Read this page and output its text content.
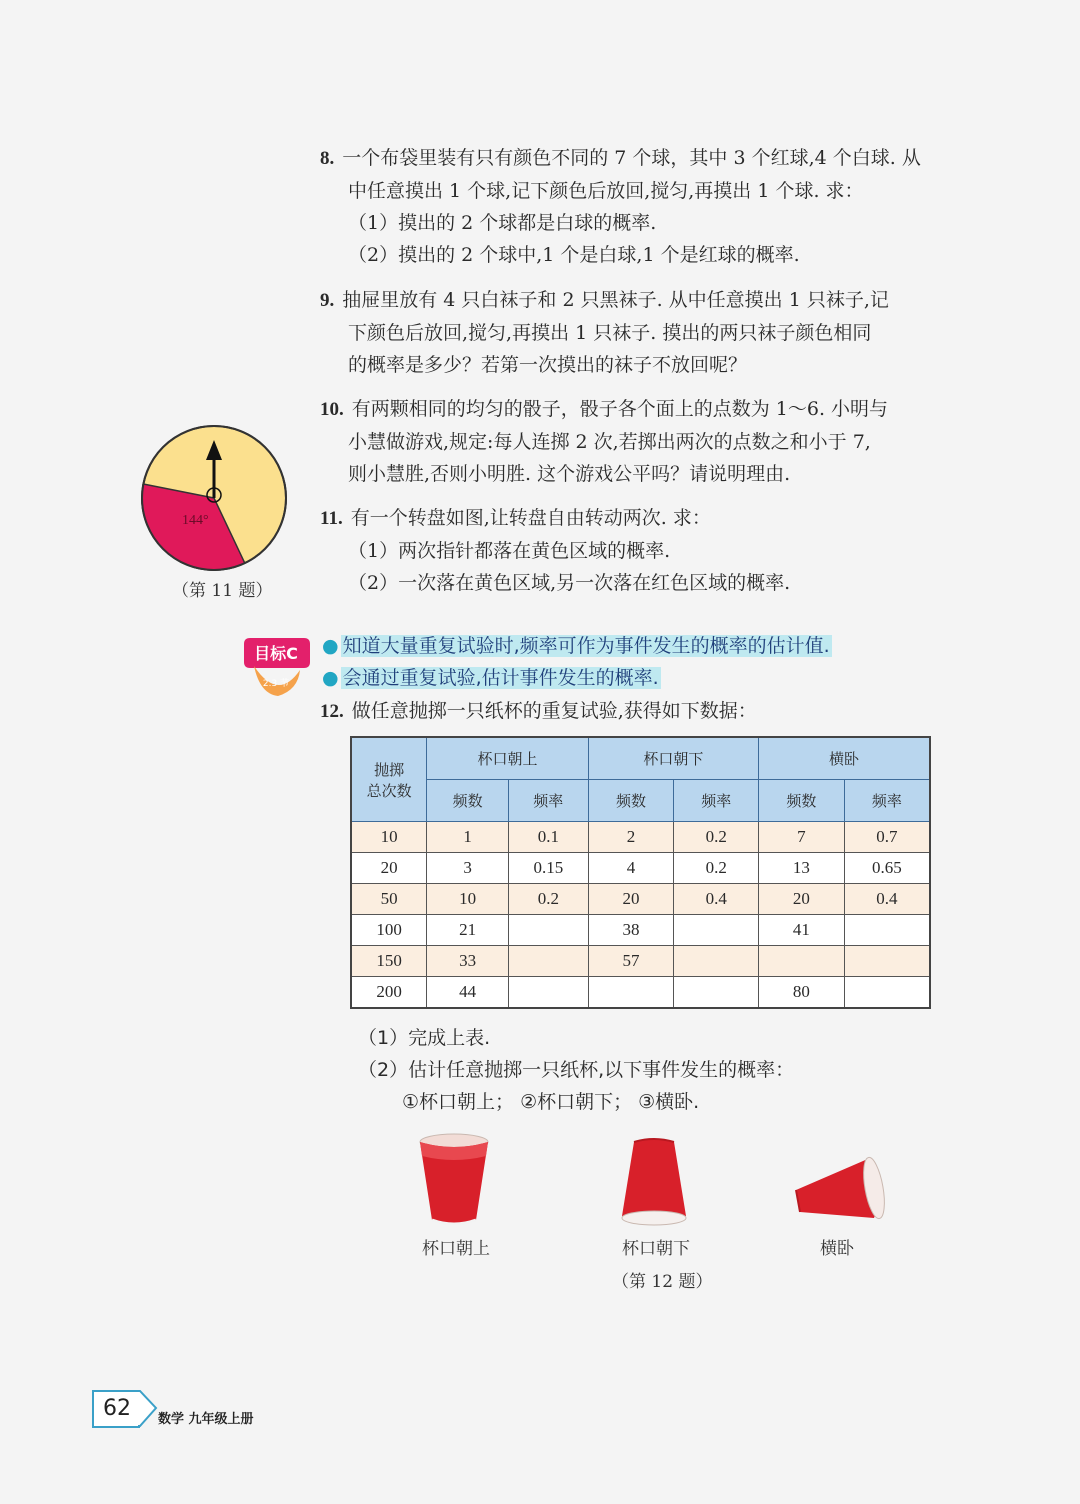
8. 一个布袋里装有只有颜色不同的 7 个球，其中 3 个红球,4 个白球. 从
中任意摸出 1 个球,记下颜色后放回,搅匀,再摸出 1 个球. 求：
（1）摸出的 2 个球都是白球的概率.
（2）摸出的 2 个球中,1 个是白球,1 个是红球的概率.
9. 抽屉里放有 4 只白袜子和 2 只黑袜子. 从中任意摸出 1 只袜子,记
下颜色后放回,搅匀,再摸出 1 只袜子. 摸出的两只袜子颜色相同
的概率是多少？若第一次摸出的袜子不放回呢？
10. 有两颗相同的均匀的骰子，骰子各个面上的点数为 1～6. 小明与
小慧做游戏,规定:每人连掷 2 次,若掷出两次的点数之和小于 7,
则小慧胜,否则小明胜. 这个游戏公平吗？请说明理由.
11. 有一个转盘如图,让转盘自由转动两次. 求：
（1）两次指针都落在黄色区域的概率.
（2）一次落在黄色区域,另一次落在红色区域的概率.
144°
（第 11 题）
目标C
2.3 节
● 知道大量重复试验时,频率可作为事件发生的概率的估计值.
● 会通过重复试验,估计事件发生的概率.
12. 做任意抛掷一只纸杯的重复试验,获得如下数据：
抛掷
总次数	杯口朝上		杯口朝下		横卧	
	频数	频率	频数	频率	频数	频率
10	1	0.1	2	0.2	7	0.7
20	3	0.15	4	0.2	13	0.65
50	10	0.2	20	0.4	20	0.4
100	21		38		41	
150	33		57			
200	44				80	
（1）完成上表.
（2）估计任意抛掷一只纸杯,以下事件发生的概率：
①杯口朝上； ②杯口朝下； ③横卧.
杯口朝上	杯口朝下	横卧
（第 12 题）
62	数学 九年级上册
